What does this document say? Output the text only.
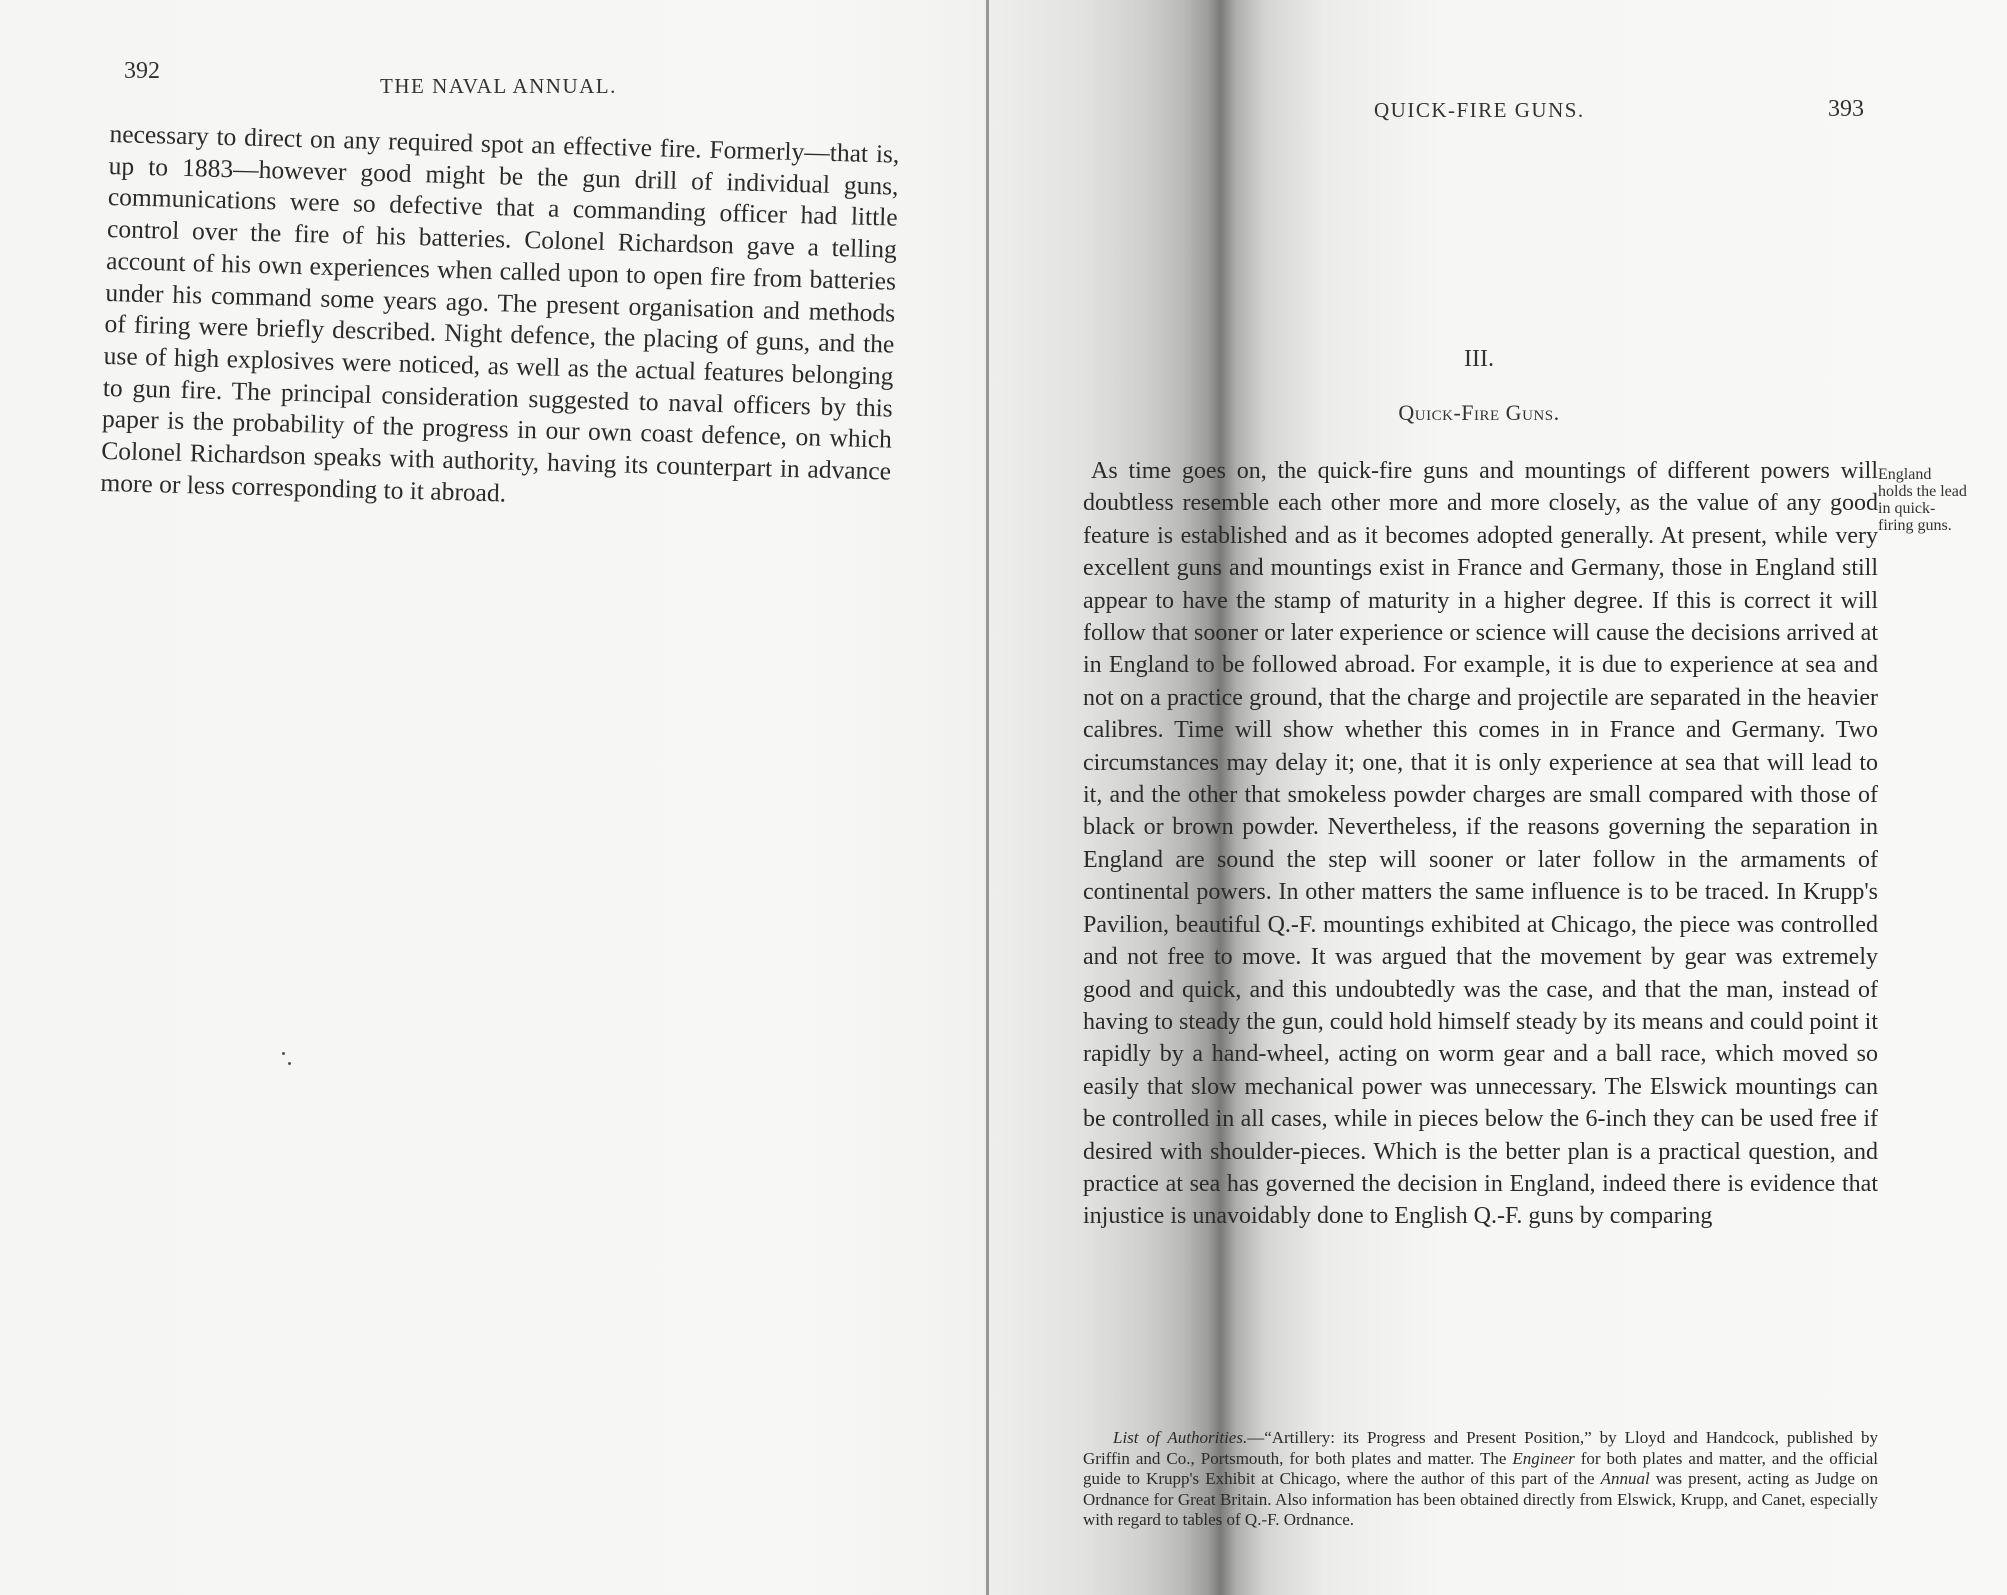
392
THE NAVAL ANNUAL.
necessary to direct on any required spot an effective fire. Formerly—that is, up to 1883—however good might be the gun drill of individual guns, communications were so defective that a commanding officer had little control over the fire of his batteries. Colonel Richardson gave a telling account of his own experiences when called upon to open fire from batteries under his command some years ago. The present organisation and methods of firing were briefly described. Night defence, the placing of guns, and the use of high explosives were noticed, as well as the actual features belonging to gun fire. The principal consideration suggested to naval officers by this paper is the probability of the progress in our own coast defence, on which Colonel Richardson speaks with authority, having its counterpart in advance more or less corresponding to it abroad.
QUICK-FIRE GUNS.	393
III.
Quick-Fire Guns.
As time goes on, the quick-fire guns and mountings of different powers will doubtless resemble each other more and more closely, as the value of any good feature is established and as it becomes adopted generally. At present, while very excellent guns and mountings exist in France and Germany, those in England still appear to have the stamp of maturity in a higher degree. If this is correct it will follow that sooner or later experience or science will cause the decisions arrived at in England to be followed abroad. For example, it is due to experience at sea and not on a practice ground, that the charge and projectile are separated in the heavier calibres. Time will show whether this comes in in France and Germany. Two circumstances may delay it; one, that it is only experience at sea that will lead to it, and the other that smokeless powder charges are small compared with those of black or brown powder. Nevertheless, if the reasons governing the separation in England are sound the step will sooner or later follow in the armaments of continental powers. In other matters the same influence is to be traced. In Krupp's Pavilion, beautiful Q.-F. mountings exhibited at Chicago, the piece was controlled and not free to move. It was argued that the movement by gear was extremely good and quick, and this undoubtedly was the case, and that the man, instead of having to steady the gun, could hold himself steady by its means and could point it rapidly by a hand-wheel, acting on worm gear and a ball race, which moved so easily that slow mechanical power was unnecessary. The Elswick mountings can be controlled in all cases, while in pieces below the 6-inch they can be used free if desired with shoulder-pieces. Which is the better plan is a practical question, and practice at sea has governed the decision in England, indeed there is evidence that injustice is unavoidably done to English Q.-F. guns by comparing
England holds the lead in quick-firing guns.
List of Authorities.—“Artillery: its Progress and Present Position,” by Lloyd and Handcock, published by Griffin and Co., Portsmouth, for both plates and matter. The Engineer for both plates and matter, and the official guide to Krupp's Exhibit at Chicago, where the author of this part of the Annual was present, acting as Judge on Ordnance for Great Britain. Also information has been obtained directly from Elswick, Krupp, and Canet, especially with regard to tables of Q.-F. Ordnance.
